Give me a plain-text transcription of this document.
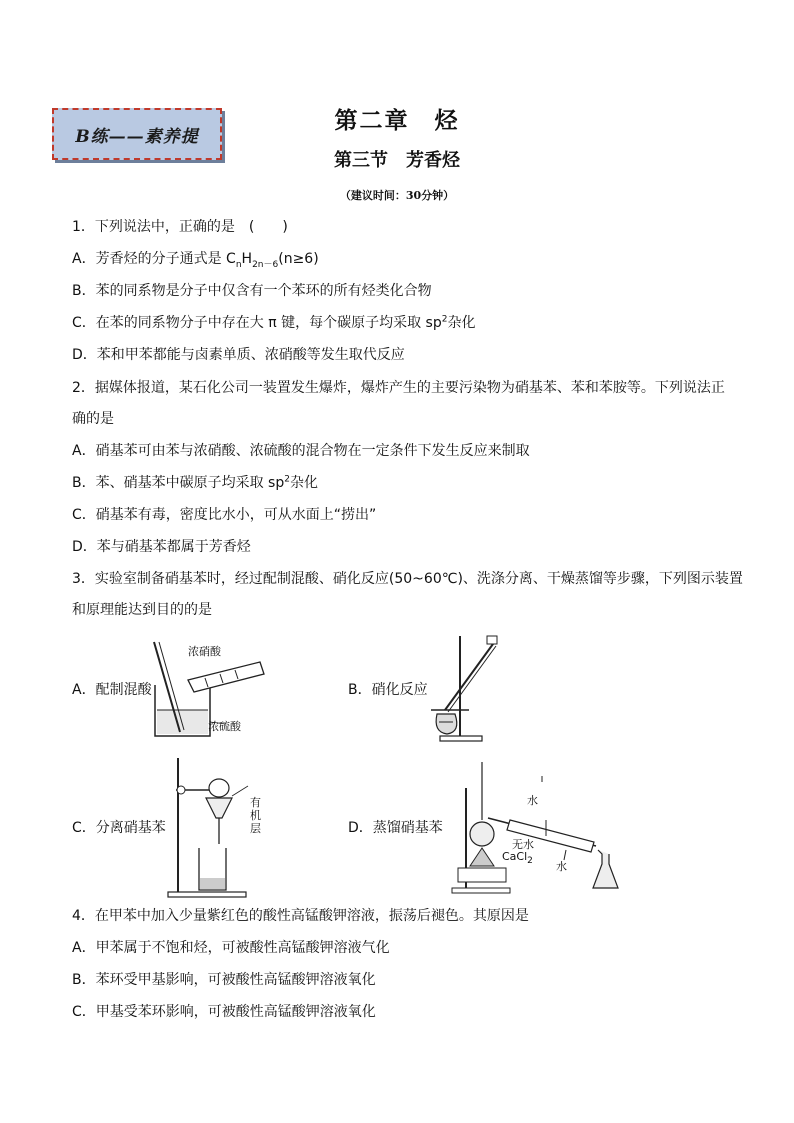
B练——素养提
第二章　烃
第三节　芳香烃
（建议时间：30分钟）
1．下列说法中，正确的是　(　　)
A．芳香烃的分子通式是 $C_nH_{2n-6}(n\ge 6)$
B．苯的同系物是分子中仅含有一个苯环的所有烃类化合物
C．在苯的同系物分子中存在大 π 键，每个碳原子均采取 $sp^2$杂化
D．苯和甲苯都能与卤素单质、浓硝酸等发生取代反应
2．据媒体报道，某石化公司一装置发生爆炸，爆炸产生的主要污染物为硝基苯、苯和苯胺等。下列说法正
确的是
A．硝基苯可由苯与浓硝酸、浓硫酸的混合物在一定条件下发生反应来制取
B．苯、硝基苯中碳原子均采取 $sp^2$杂化
C．硝基苯有毒，密度比水小，可从水面上“捞出”
D．苯与硝基苯都属于芳香烃
3．实验室制备硝基苯时，经过配制混酸、硝化反应(50~60℃)、洗涤分离、干燥蒸馏等步骤，下列图示装置
和原理能达到目的的是
A．配制混酸	B．硝化反应
C．分离硝基苯	D．蒸馏硝基苯
浓硝酸
浓硫酸
有
机
层
水
水
无水
CaCl$_2$
4．在甲苯中加入少量紫红色的酸性高锰酸钾溶液，振荡后褪色。其原因是
A．甲苯属于不饱和烃，可被酸性高锰酸钾溶液气化
B．苯环受甲基影响，可被酸性高锰酸钾溶液氧化
C．甲基受苯环影响，可被酸性高锰酸钾溶液氧化
